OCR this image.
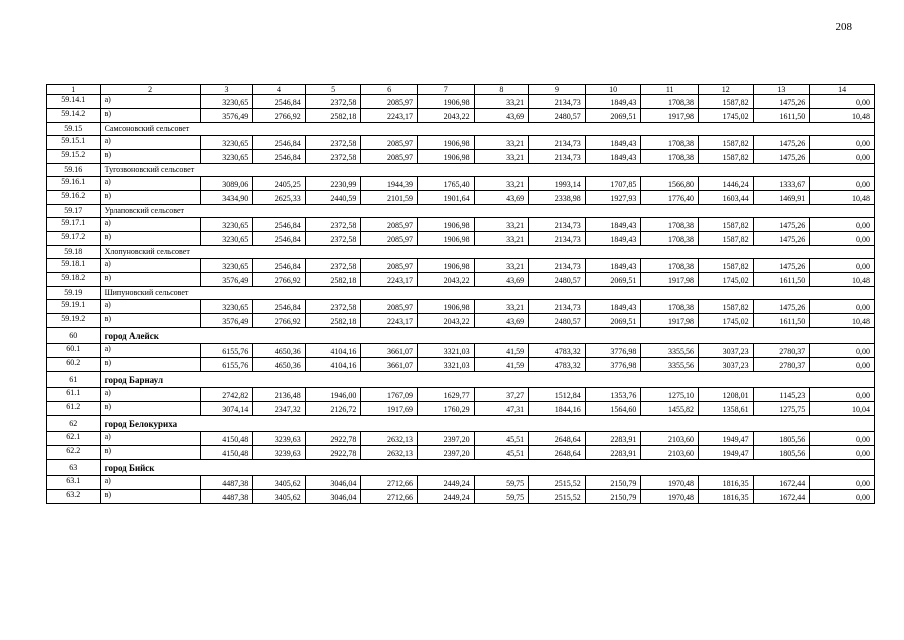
208
1	2	3	4	5	6	7	8	9	10	11	12	13	14
59.14.1	а)	3230,65	2546,84	2372,58	2085,97	1906,98	33,21	2134,73	1849,43	1708,38	1587,82	1475,26	0,00
59.14.2	в)	3576,49	2766,92	2582,18	2243,17	2043,22	43,69	2480,57	2069,51	1917,98	1745,02	1611,50	10,48
59.15	Самсоновский сельсовет												
59.15.1	а)	3230,65	2546,84	2372,58	2085,97	1906,98	33,21	2134,73	1849,43	1708,38	1587,82	1475,26	0,00
59.15.2	в)	3230,65	2546,84	2372,58	2085,97	1906,98	33,21	2134,73	1849,43	1708,38	1587,82	1475,26	0,00
59.16	Тугозвоновский сельсовет												
59.16.1	а)	3089,06	2405,25	2230,99	1944,39	1765,40	33,21	1993,14	1707,85	1566,80	1446,24	1333,67	0,00
59.16.2	в)	3434,90	2625,33	2440,59	2101,59	1901,64	43,69	2338,98	1927,93	1776,40	1603,44	1469,91	10,48
59.17	Урлаповский сельсовет												
59.17.1	а)	3230,65	2546,84	2372,58	2085,97	1906,98	33,21	2134,73	1849,43	1708,38	1587,82	1475,26	0,00
59.17.2	в)	3230,65	2546,84	2372,58	2085,97	1906,98	33,21	2134,73	1849,43	1708,38	1587,82	1475,26	0,00
59.18	Хлопуновский сельсовет												
59.18.1	а)	3230,65	2546,84	2372,58	2085,97	1906,98	33,21	2134,73	1849,43	1708,38	1587,82	1475,26	0,00
59.18.2	в)	3576,49	2766,92	2582,18	2243,17	2043,22	43,69	2480,57	2069,51	1917,98	1745,02	1611,50	10,48
59.19	Шипуновский сельсовет												
59.19.1	а)	3230,65	2546,84	2372,58	2085,97	1906,98	33,21	2134,73	1849,43	1708,38	1587,82	1475,26	0,00
59.19.2	в)	3576,49	2766,92	2582,18	2243,17	2043,22	43,69	2480,57	2069,51	1917,98	1745,02	1611,50	10,48
60	город Алейск												
60.1	а)	6155,76	4650,36	4104,16	3661,07	3321,03	41,59	4783,32	3776,98	3355,56	3037,23	2780,37	0,00
60.2	в)	6155,76	4650,36	4104,16	3661,07	3321,03	41,59	4783,32	3776,98	3355,56	3037,23	2780,37	0,00
61	город Барнаул												
61.1	а)	2742,82	2136,48	1946,00	1767,09	1629,77	37,27	1512,84	1353,76	1275,10	1208,01	1145,23	0,00
61.2	в)	3074,14	2347,32	2126,72	1917,69	1760,29	47,31	1844,16	1564,60	1455,82	1358,61	1275,75	10,04
62	город Белокуриха												
62.1	а)	4150,48	3239,63	2922,78	2632,13	2397,20	45,51	2648,64	2283,91	2103,60	1949,47	1805,56	0,00
62.2	в)	4150,48	3239,63	2922,78	2632,13	2397,20	45,51	2648,64	2283,91	2103,60	1949,47	1805,56	0,00
63	город Бийск												
63.1	а)	4487,38	3405,62	3046,04	2712,66	2449,24	59,75	2515,52	2150,79	1970,48	1816,35	1672,44	0,00
63.2	в)	4487,38	3405,62	3046,04	2712,66	2449,24	59,75	2515,52	2150,79	1970,48	1816,35	1672,44	0,00
